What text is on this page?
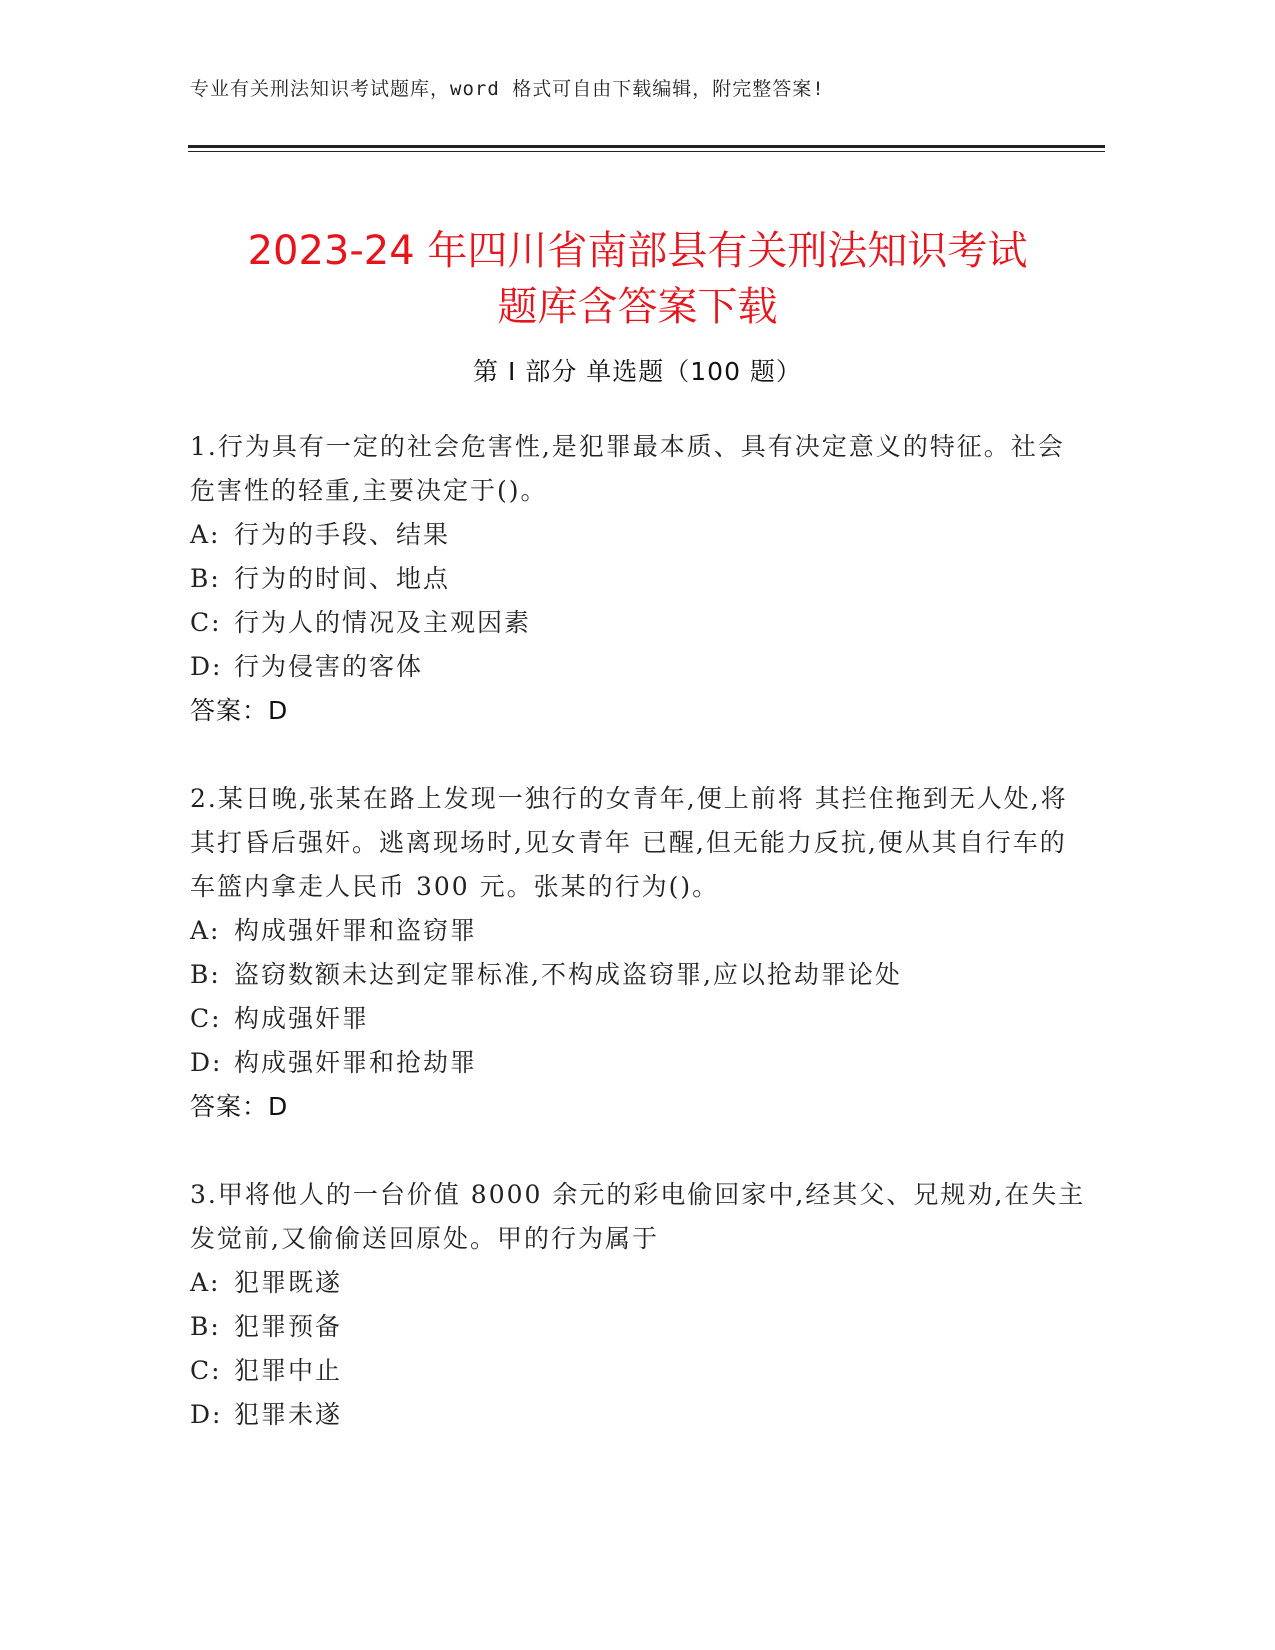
专业有关刑法知识考试题库，word 格式可自由下载编辑，附完整答案!
2023-24 年四川省南部县有关刑法知识考试
题库含答案下载
第 I 部分 单选题（100 题）

1.行为具有一定的社会危害性,是犯罪最本质、具有决定意义的特征。社会危害性的轻重,主要决定于()。

A: 行为的手段、结果

B: 行为的时间、地点

C: 行为人的情况及主观因素

D: 行为侵害的客体

答案：D

2.某日晚,张某在路上发现一独行的女青年,便上前将 其拦住拖到无人处,将其打昏后强奸。逃离现场时,见女青年 已醒,但无能力反抗,便从其自行车的车篮内拿走人民币 300 元。张某的行为()。

A: 构成强奸罪和盗窃罪

B: 盗窃数额未达到定罪标准,不构成盗窃罪,应以抢劫罪论处

C: 构成强奸罪

D: 构成强奸罪和抢劫罪

答案：D

3.甲将他人的一台价值 8000 余元的彩电偷回家中,经其父、兄规劝,在失主发觉前,又偷偷送回原处。甲的行为属于

A: 犯罪既遂

B: 犯罪预备

C: 犯罪中止

D: 犯罪未遂
